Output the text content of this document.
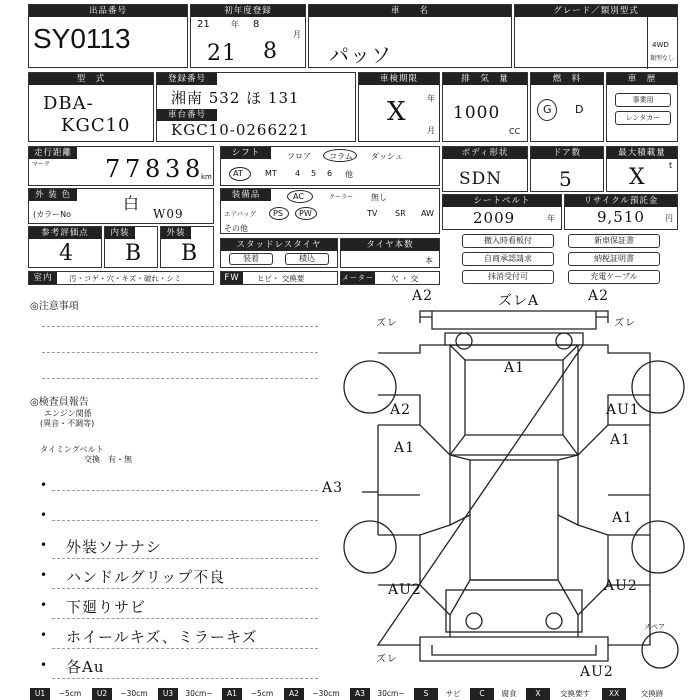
出品番号
SY0113
初年度登録
21	年 8
月
21 8
車　　名
パッソ
グレード／類別型式
4WD
類型なし
型　式
DBA-
KGC10
登録番号
湘南 532 ほ 131
車台番号
KGC10-0266221
車検期限
年
月
X
排　気　量
1000
CC
燃　料
G D
車　歴
事業用
レンタカー
走行距離
マーク 7 7 8 3 8 km
シフト	フロア コラム ダッシュ
AT	MT 4 5 6 他
ボディ形状
SDN
ドア数
5
最大積載量
t
X
外 装 色
(カラーNo
白
W09
装備品	AC	クーラー 無し
エアバッグ PS PW	TV SR AW
その他
シートベルト
2009	年
リサイクル預託金
9,510	円
参考評価点
4
内装
B
外装
B	スタッドレスタイヤ
装着	積込
タイヤ本数
本
撤入時看板付	新車保証書
自商承認請求	納税証明書
抹消受付可	充電ケーブル
室内	汚・コゲ・穴・キズ・破れ・シミ	FW	ヒビ・ 交換要	メーター 欠 ・ 交
◎注意事項
◎検査員報告
エンジン関係
(異音・不調等)
タイミングベルト
交換　有・無
•
•
• 外装ソナナシ
• ハンドルグリップ不良
• 下廻りサビ
• ホイールキズ、ミラーキズ
• 各Au
A2	ズレA	A2
ズレ	ズレ
A1
A2	AU1
A1	A1
A3
A1
AU2	AU2
ズレ
AU2
スペア
U1	~5cm	U2	~30cm	U3	30cm~	A1	~5cm	A2	~30cm	A3	30cm~	S	サビ	C	腐食	X	交換要す	XX	交換跡
